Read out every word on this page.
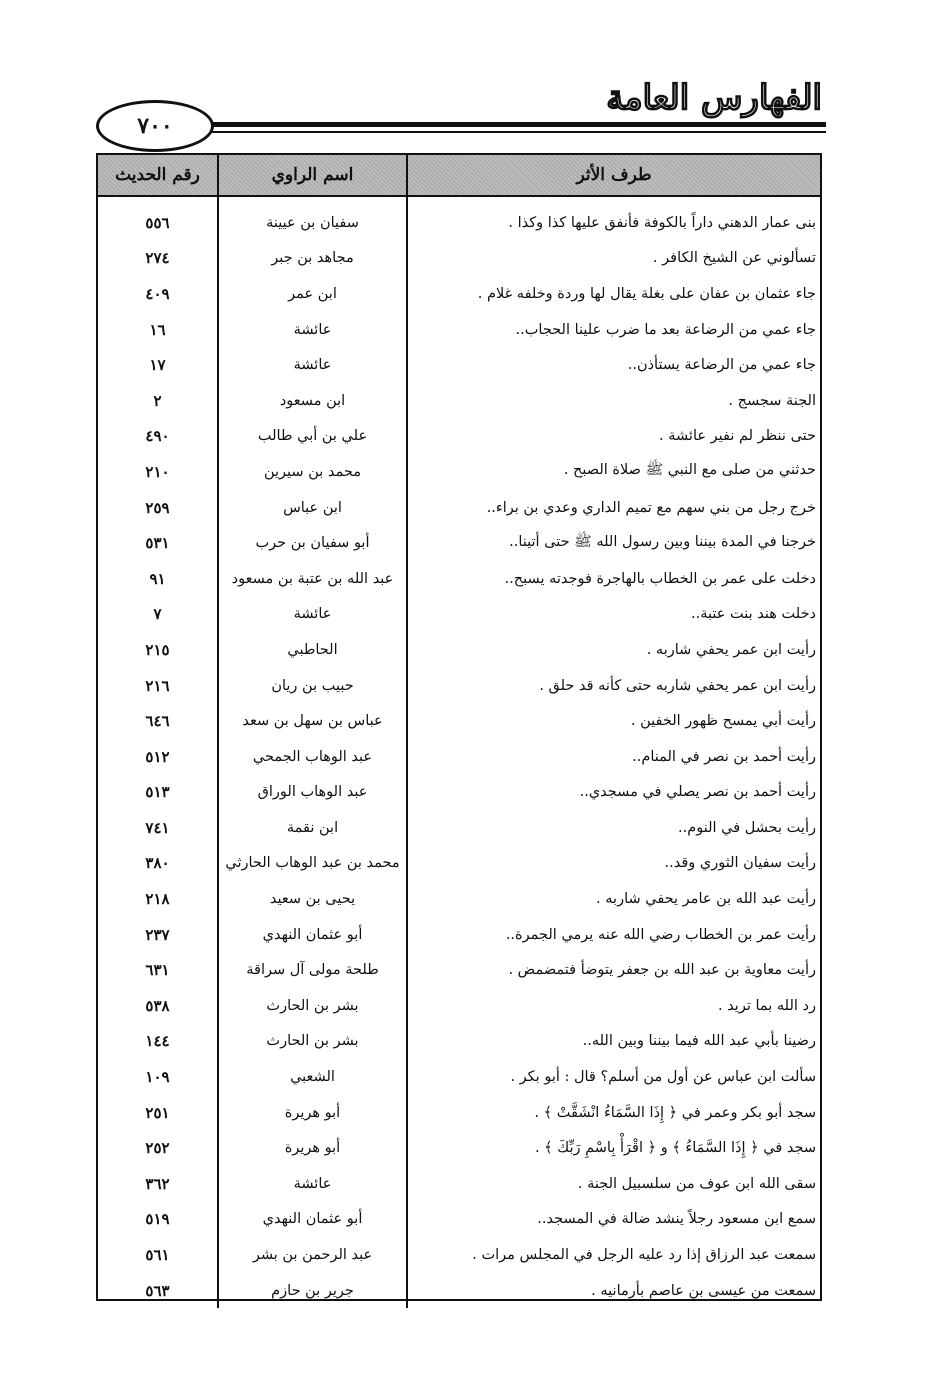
٧٠٠
الفهارس العامة
طرف الأثر	اسم الراوي	رقم الحديث
بنى عمار الدهني داراً بالكوفة فأنفق عليها كذا وكذا .	سفيان بن عيينة	٥٥٦
تسألوني عن الشيخ الكافر .	مجاهد بن جبر	٢٧٤
جاء عثمان بن عفان على بغلة يقال لها وردة وخلفه غلام .	ابن عمر	٤٠٩
جاء عمي من الرضاعة بعد ما ضرب علينا الحجاب..	عائشة	١٦
جاء عمي من الرضاعة يستأذن..	عائشة	١٧
الجنة سجسج .	ابن مسعود	٢
حتى ننظر لم نفير عائشة .	علي بن أبي طالب	٤٩٠
حدثني من صلى مع النبي ﷺ صلاة الصبح .	محمد بن سيرين	٢١٠
خرج رجل من بني سهم مع تميم الداري وعدي بن براء..	ابن عباس	٢٥٩
خرجنا في المدة بيننا وبين رسول الله ﷺ حتى أتينا..	أبو سفيان بن حرب	٥٣١
دخلت على عمر بن الخطاب بالهاجرة فوجدته يسبح..	عبد الله بن عتبة بن مسعود	٩١
دخلت هند بنت عتبة..	عائشة	٧
رأيت ابن عمر يحفي شاربه .	الحاطبي	٢١٥
رأيت ابن عمر يحفي شاربه حتى كأنه قد حلق .	حبيب بن ريان	٢١٦
رأيت أبي يمسح ظهور الخفين .	عباس بن سهل بن سعد	٦٤٦
رأيت أحمد بن نصر في المنام..	عبد الوهاب الجمحي	٥١٢
رأيت أحمد بن نصر يصلي في مسجدي..	عبد الوهاب الوراق	٥١٣
رأيت بحشل في النوم..	ابن نقمة	٧٤١
رأيت سفيان الثوري وقد..	محمد بن عبد الوهاب الحارثي	٣٨٠
رأيت عبد الله بن عامر يحفي شاربه .	يحيى بن سعيد	٢١٨
رأيت عمر بن الخطاب رضي الله عنه يرمي الجمرة..	أبو عثمان النهدي	٢٣٧
رأيت معاوية بن عبد الله بن جعفر يتوضأ فتمضمض .	طلحة مولى آل سراقة	٦٣١
رد الله بما تريد .	بشر بن الحارث	٥٣٨
رضينا بأبي عبد الله فيما بيننا وبين الله..	بشر بن الحارث	١٤٤
سألت ابن عباس عن أول من أسلم؟ قال : أبو بكر .	الشعبي	١٠٩
سجد أبو بكر وعمر في ﴿ إِذَا السَّمَاءُ انْشَقَّتْ ﴾ .	أبو هريرة	٢٥١
سجد في ﴿ إِذَا السَّمَاءُ ﴾ و ﴿ اقْرَأْ بِاسْمِ رَبِّكَ ﴾ .	أبو هريرة	٢٥٢
سقى الله ابن عوف من سلسبيل الجنة .	عائشة	٣٦٢
سمع ابن مسعود رجلاً ينشد ضالة في المسجد..	أبو عثمان النهدي	٥١٩
سمعت عبد الرزاق إذا رد عليه الرجل في المجلس مرات .	عبد الرحمن بن بشر	٥٦١
سمعت من عيسى بن عاصم بأرمانيه .	جرير بن حازم	٥٦٣
